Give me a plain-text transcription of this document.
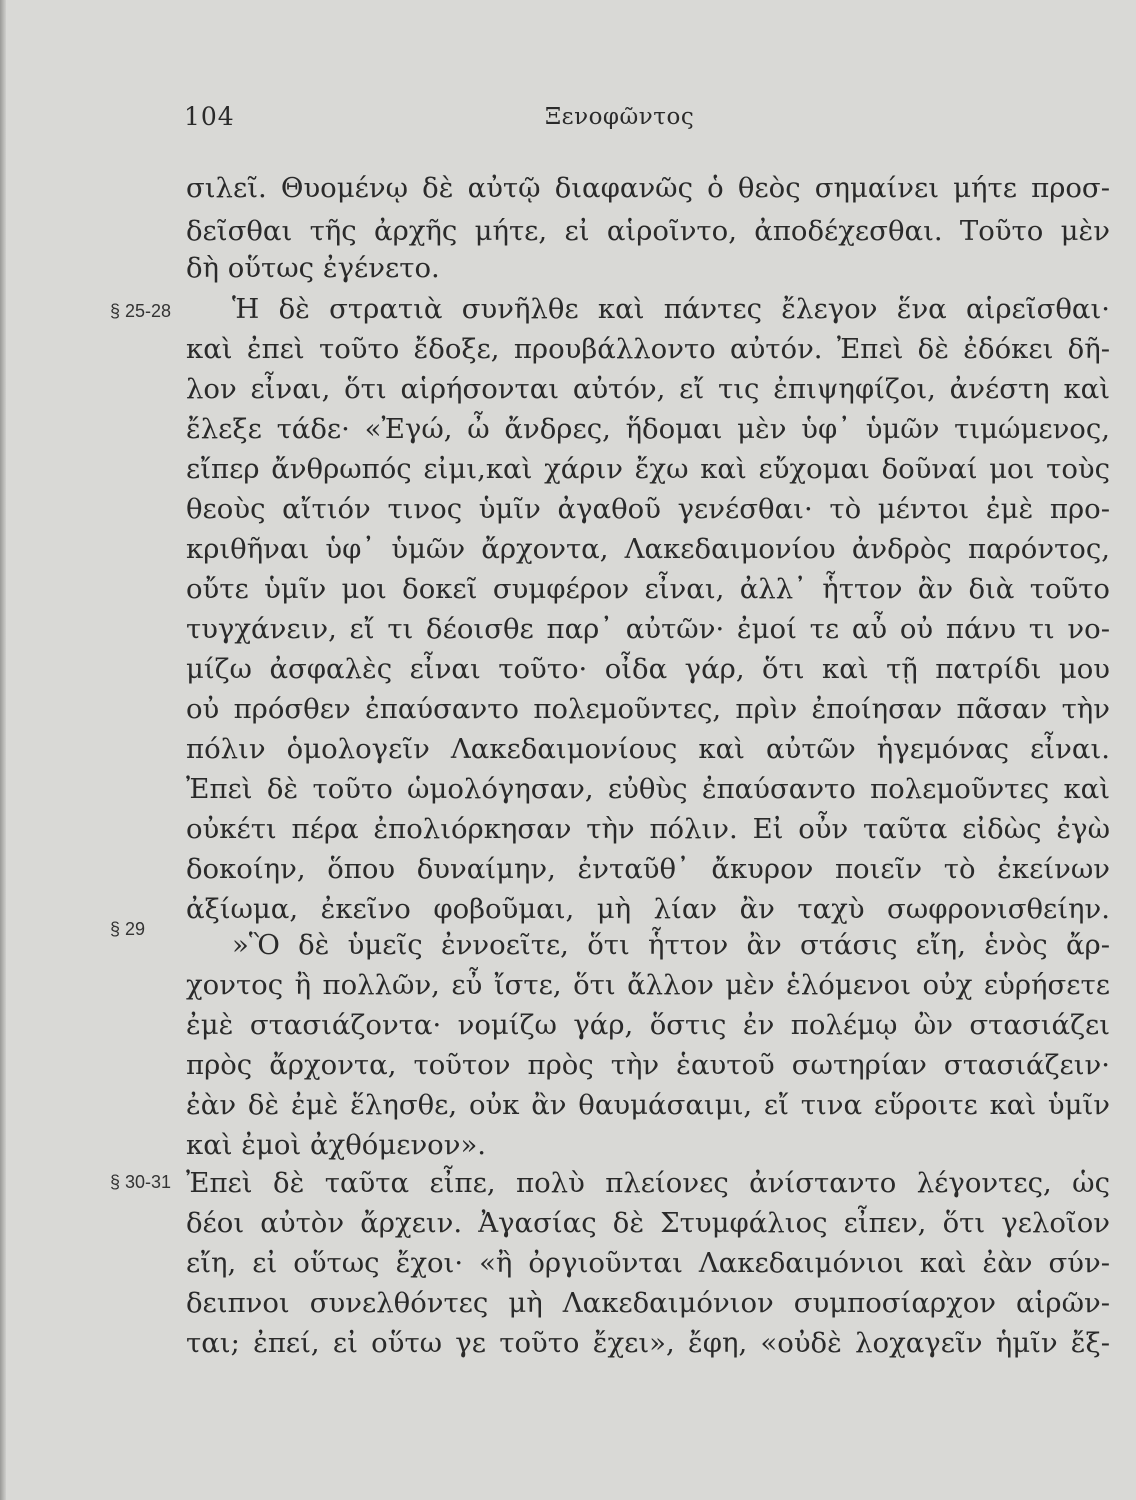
104	Ξενοφῶντος
σιλεῖ. Θυομένῳ δὲ αὐτῷ διαφανῶς ὁ θεὸς σημαίνει μήτε προσ-
δεῖσθαι τῆς ἀρχῆς μήτε, εἰ αἱροῖντο, ἀποδέχεσθαι. Τοῦτο μὲν
δὴ οὕτως ἐγένετο.
§ 25-28 Ἡ δὲ στρατιὰ συνῆλθε καὶ πάντες ἔλεγον ἕνα αἱρεῖσθαι·
καὶ ἐπεὶ τοῦτο ἔδοξε, προυβάλλοντο αὐτόν. Ἐπεὶ δὲ ἐδόκει δῆ-
λον εἶναι, ὅτι αἱρήσονται αὐτόν, εἴ τις ἐπιψηφίζοι, ἀνέστη καὶ
ἔλεξε τάδε· «Ἐγώ, ὦ ἄνδρες, ἥδομαι μὲν ὑφ᾿ ὑμῶν τιμώμενος,
εἴπερ ἄνθρωπός εἰμι,καὶ χάριν ἔχω καὶ εὔχομαι δοῦναί μοι τοὺς
θεοὺς αἴτιόν τινος ὑμῖν ἀγαθοῦ γενέσθαι· τὸ μέντοι ἐμὲ προ-
κριθῆναι ὑφ᾿ ὑμῶν ἄρχοντα, Λακεδαιμονίου ἀνδρὸς παρόντος,
οὔτε ὑμῖν μοι δοκεῖ συμφέρον εἶναι, ἀλλ᾿ ἧττον ἂν διὰ τοῦτο
τυγχάνειν, εἴ τι δέοισθε παρ᾿ αὐτῶν· ἐμοί τε αὖ οὐ πάνυ τι νο-
μίζω ἀσφαλὲς εἶναι τοῦτο· οἶδα γάρ, ὅτι καὶ τῇ πατρίδι μου
οὐ πρόσθεν ἐπαύσαντο πολεμοῦντες, πρὶν ἐποίησαν πᾶσαν τὴν
πόλιν ὁμολογεῖν Λακεδαιμονίους καὶ αὐτῶν ἡγεμόνας εἶναι.
Ἐπεὶ δὲ τοῦτο ὡμολόγησαν, εὐθὺς ἐπαύσαντο πολεμοῦντες καὶ
οὐκέτι πέρα ἐπολιόρκησαν τὴν πόλιν. Εἰ οὖν ταῦτα εἰδὼς ἐγὼ
δοκοίην, ὅπου δυναίμην, ἐνταῦθ᾿ ἄκυρον ποιεῖν τὸ ἐκείνων
ἀξίωμα, ἐκεῖνο φοβοῦμαι, μὴ λίαν ἂν ταχὺ σωφρονισθείην.
§ 29	»Ὃ δὲ ὑμεῖς ἐννοεῖτε, ὅτι ἧττον ἂν στάσις εἴη, ἑνὸς ἄρ-
χοντος ἢ πολλῶν, εὖ ἴστε, ὅτι ἄλλον μὲν ἑλόμενοι οὐχ εὑρήσετε
ἐμὲ στασιάζοντα· νομίζω γάρ, ὅστις ἐν πολέμῳ ὢν στασιάζει
πρὸς ἄρχοντα, τοῦτον πρὸς τὴν ἑαυτοῦ σωτηρίαν στασιάζειν·
ἐὰν δὲ ἐμὲ ἕλησθε, οὐκ ἂν θαυμάσαιμι, εἴ τινα εὕροιτε καὶ ὑμῖν
καὶ ἐμοὶ ἀχθόμενον».
§ 30-31 Ἐπεὶ δὲ ταῦτα εἶπε, πολὺ πλείονες ἀνίσταντο λέγοντες, ὡς
δέοι αὐτὸν ἄρχειν. Ἀγασίας δὲ Στυμφάλιος εἶπεν, ὅτι γελοῖον
εἴη, εἰ οὕτως ἔχοι· «ἢ ὀργιοῦνται Λακεδαιμόνιοι καὶ ἐὰν σύν-
δειπνοι συνελθόντες μὴ Λακεδαιμόνιον συμποσίαρχον αἱρῶν-
ται; ἐπεί, εἰ οὕτω γε τοῦτο ἔχει», ἔφη, «οὐδὲ λοχαγεῖν ἡμῖν ἔξ-
